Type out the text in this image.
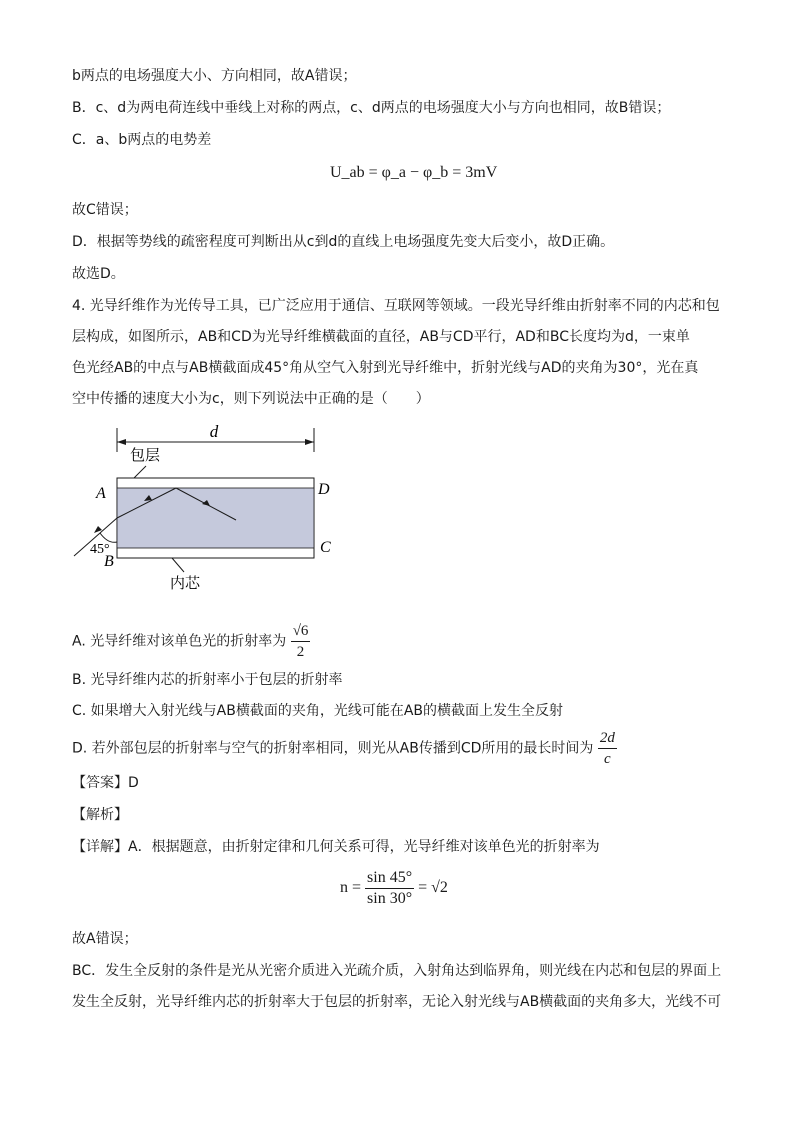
b两点的电场强度大小、方向相同，故A错误；
B．c、d为两电荷连线中垂线上对称的两点，c、d两点的电场强度大小与方向也相同，故B错误；
C．a、b两点的电势差
U_ab = φ_a − φ_b = 3mV
故C错误；
D．根据等势线的疏密程度可判断出从c到d的直线上电场强度先变大后变小，故D正确。
故选D。
4. 光导纤维作为光传导工具，已广泛应用于通信、互联网等领域。一段光导纤维由折射率不同的内芯和包
层构成，如图所示，AB和CD为光导纤维横截面的直径，AB与CD平行，AD和BC长度均为d，一束单
色光经AB的中点与AB横截面成45°角从空气入射到光导纤维中，折射光线与AD的夹角为30°，光在真
空中传播的速度大小为c，则下列说法中正确的是（　　）
d
包层
A
B
C
D
45°
内芯
A. 光导纤维对该单色光的折射率为 $\frac{√6}{2}$
B. 光导纤维内芯的折射率小于包层的折射率
C. 如果增大入射光线与AB横截面的夹角，光线可能在AB的横截面上发生全反射
D. 若外部包层的折射率与空气的折射率相同，则光从AB传播到CD所用的最长时间为 $\frac{2d}{c}$
【答案】D
【解析】
【详解】A．根据题意，由折射定律和几何关系可得，光导纤维对该单色光的折射率为
$n = \frac{\sin 45^\circ}{\sin 30^\circ} = √2$
故A错误；
BC．发生全反射的条件是光从光密介质进入光疏介质，入射角达到临界角，则光线在内芯和包层的界面上
发生全反射，光导纤维内芯的折射率大于包层的折射率，无论入射光线与AB横截面的夹角多大，光线不可
